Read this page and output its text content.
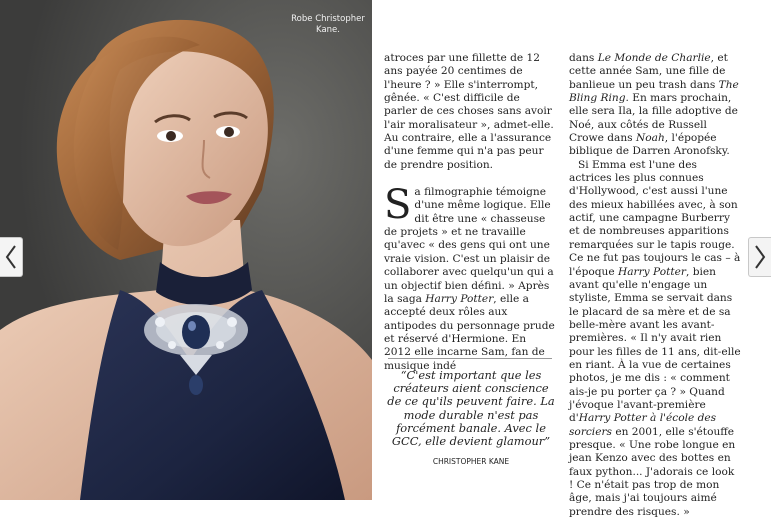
Robe Christopher Kane.

atroces par une fillette de 12 ans payée 20 centimes de l'heure ? » Elle s'interrompt, gênée. « C'est difficile de parler de ces choses sans avoir l'air moralisateur », admet-elle. Au contraire, elle a l'assurance d'une femme qui n'a pas peur de prendre position.

Sa filmographie témoigne d'une même logique. Elle dit être une « chasseuse de projets » et ne travaille qu'avec « des gens qui ont une vraie vision. C'est un plaisir de collaborer avec quelqu'un qui a un objectif bien défini. » Après la saga Harry Potter, elle a accepté deux rôles aux antipodes du personnage prude et réservé d'Hermione. En 2012 elle incarne Sam, fan de musique indé

“C'est important que les créateurs aient conscience de ce qu'ils peuvent faire. La mode durable n'est pas forcément banale. Avec le GCC, elle devient glamour”
CHRISTOPHER KANE

dans Le Monde de Charlie, et cette année Sam, une fille de banlieue un peu trash dans The Bling Ring. En mars prochain, elle sera Ila, la fille adoptive de Noé, aux côtés de Russell Crowe dans Noah, l'épopée biblique de Darren Aronofsky.

Si Emma est l'une des actrices les plus connues d'Hollywood, c'est aussi l'une des mieux habillées avec, à son actif, une campagne Burberry et de nombreuses apparitions remarquées sur le tapis rouge. Ce ne fut pas toujours le cas – à l'époque Harry Potter, bien avant qu'elle n'engage un styliste, Emma se servait dans le placard de sa mère et de sa belle-mère avant les avant-premières. « Il n'y avait rien pour les filles de 11 ans, dit-elle en riant. À la vue de certaines photos, je me dis : « comment ais-je pu porter ça ? » Quand j'évoque l'avant-première d'Harry Potter à l'école des sorciers en 2001, elle s'étouffe presque. « Une robe longue en jean Kenzo avec des bottes en faux python... J'adorais ce look ! Ce n'était pas trop de mon âge, mais j'ai toujours aimé prendre des risques. »
